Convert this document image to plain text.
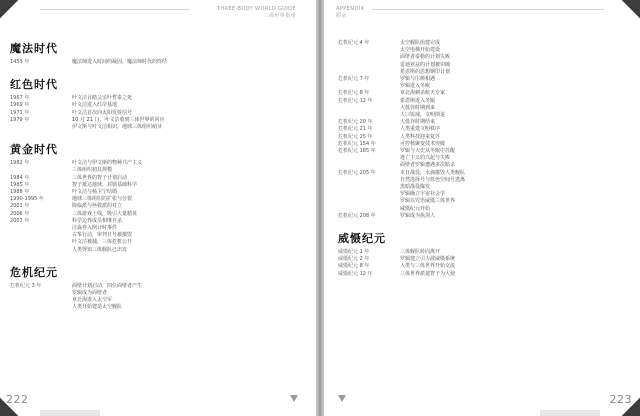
THREE-BODY WORLD GUIDE
三体世界指南
魔法时代
1453 年	魔法师进入时间的凝固，魔法师时代的终结
红色时代
1967 年	叶文洁目睹父亲叶哲泰之死
1969 年	叶文洁进入红岸基地
1971 年	叶文洁首次向太阳发射信号
1979 年	10 月 21 日，叶文洁收到三体世界的回应
伊文斯与叶文洁相识，地球三体组织萌芽
黄金时代
1982 年	叶文洁与伊文斯的物种共产主义
三体组织初具规模
1984 年	三体世界的智子计划启动
1985 年	智子抵达地球，封锁基础科学
1988 年	叶文洁与杨卫宁结婚
1990-1995 年	地球三体组织的扩张与分裂
2001 年	降临派与拯救派的对立
2006 年	三体游戏上线，吸引大量精英
2007 年	科学边界成员相继自杀
汪淼卷入倒计时事件
古筝行动，审判日号被摧毁
叶文洁被捕，三体危机公开
人类得知三体舰队已出发
危机纪元
危机纪元 3 年	面壁计划启动，四位面壁者产生
罗辑成为面壁者
章北海进入太空军
人类开始建造太空舰队
222
APPENDIX
附录
危机纪元 4 年	太空舰队组建完成
太空电梯开始建设
面壁者泰勒的计划失败
雷迪亚兹的计划被识破
希恩斯的思想钢印计划
危机纪元 7 年	罗辑与庄颜相遇
罗辑进入冬眠
危机纪元 8 年	章北海刺杀航天专家
危机纪元 12 年	希恩斯进入冬眠
大低谷时期到来
人口锐减，文明倒退
危机纪元 20 年	大低谷时期结束
危机纪元 21 年	人类重建文明秩序
危机纪元 25 年	人类科技迎来复苏
危机纪元 154 年	可控核聚变技术突破
危机纪元 185 年	罗辑与大史从冬眠中苏醒
逃亡主义的兴起与失败
面壁者罗辑遭遇多次暗杀
危机纪元 205 年	末日战役，水滴摧毁人类舰队
自然选择号与蓝色空间号逃离
黑暗战役爆发
罗辑确立宇宙社会学
罗辑以咒语威慑三体世界
威慑纪元开始
危机纪元 208 年	罗辑成为执剑人
威慑纪元
威慑纪元 1 年	三体舰队转向离开
威慑纪元 2 年	罗辑建立引力波威慑系统
威慑纪元 8 年	人类与三体世界开始交流
威慑纪元 12 年	三体世界派遣智子为大使
223
